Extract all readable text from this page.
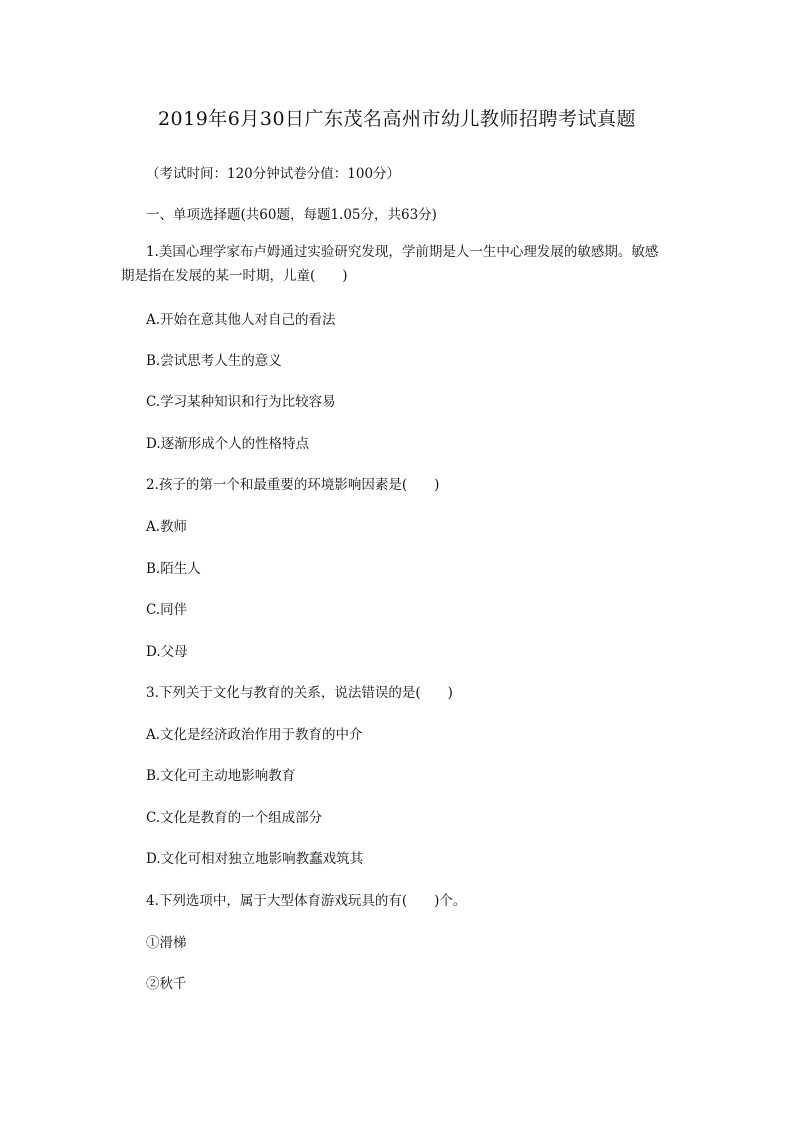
2019年6月30日广东茂名高州市幼儿教师招聘考试真题

（考试时间：120分钟试卷分值：100分）

一、单项选择题(共60题，每题1.05分，共63分)

1.美国心理学家布卢姆通过实验研究发现，学前期是人一生中心理发展的敏感期。敏感期是指在发展的某一时期，儿童(　　)

A.开始在意其他人对自己的看法

B.尝试思考人生的意义

C.学习某种知识和行为比较容易

D.逐渐形成个人的性格特点

2.孩子的第一个和最重要的环境影响因素是(　　)

A.教师

B.陌生人

C.同伴

D.父母

3.下列关于文化与教育的关系，说法错误的是(　　)

A.文化是经济政治作用于教育的中介

B.文化可主动地影响教育

C.文化是教育的一个组成部分

D.文化可相对独立地影响教蠢戏筑其

4.下列选项中，属于大型体育游戏玩具的有(　　)个。

①滑梯

②秋千
